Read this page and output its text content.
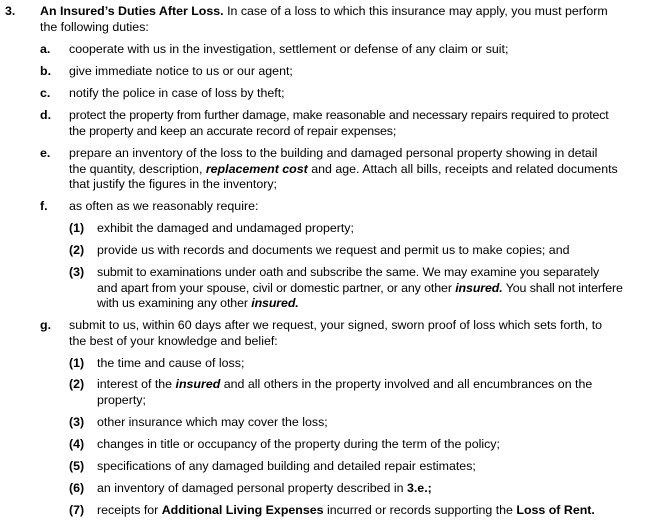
3. An Insured’s Duties After Loss. In case of a loss to which this insurance may apply, you must perform
the following duties:
a. cooperate with us in the investigation, settlement or defense of any claim or suit;
b. give immediate notice to us or our agent;
c. notify the police in case of loss by theft;
d. protect the property from further damage, make reasonable and necessary repairs required to protect
the property and keep an accurate record of repair expenses;
e. prepare an inventory of the loss to the building and damaged personal property showing in detail
the quantity, description, replacement cost and age. Attach all bills, receipts and related documents
that justify the figures in the inventory;
f. as often as we reasonably require:
(1) exhibit the damaged and undamaged property;
(2) provide us with records and documents we request and permit us to make copies; and
(3) submit to examinations under oath and subscribe the same. We may examine you separately
and apart from your spouse, civil or domestic partner, or any other insured. You shall not interfere
with us examining any other insured.
g. submit to us, within 60 days after we request, your signed, sworn proof of loss which sets forth, to
the best of your knowledge and belief:
(1) the time and cause of loss;
(2) interest of the insured and all others in the property involved and all encumbrances on the
property;
(3) other insurance which may cover the loss;
(4) changes in title or occupancy of the property during the term of the policy;
(5) specifications of any damaged building and detailed repair estimates;
(6) an inventory of damaged personal property described in 3.e.;
(7) receipts for Additional Living Expenses incurred or records supporting the Loss of Rent.
